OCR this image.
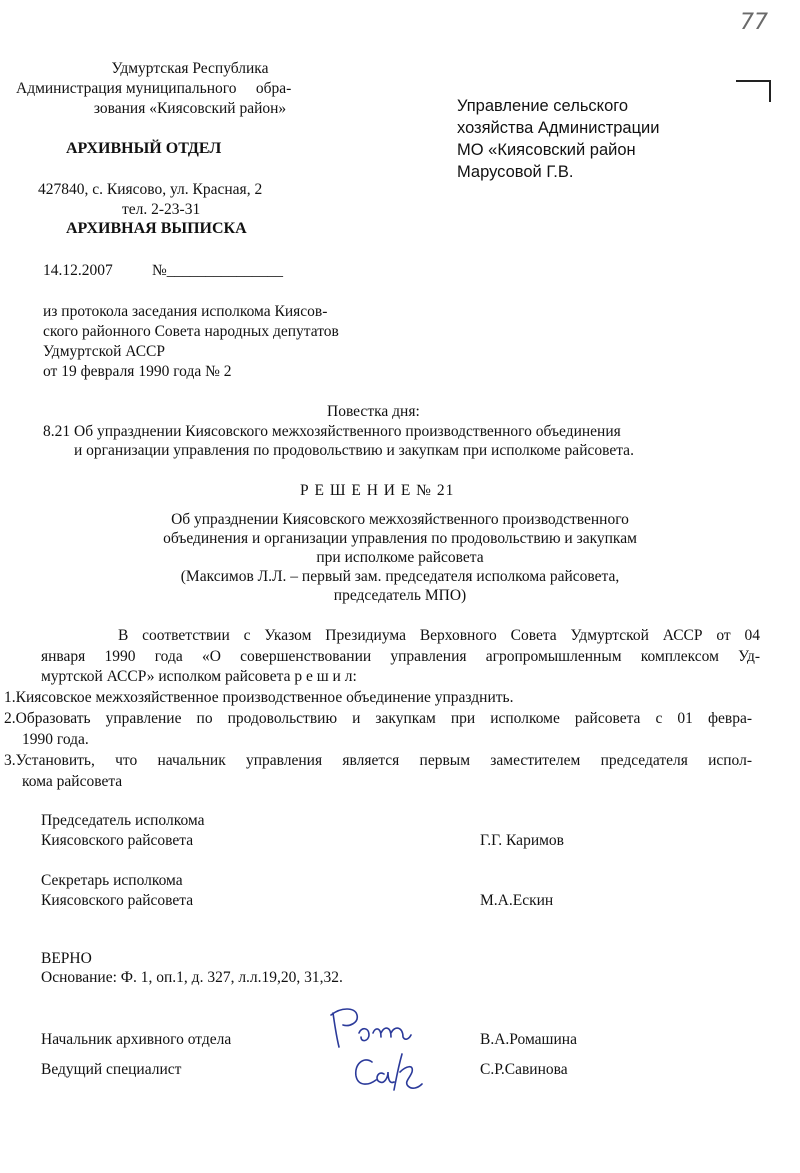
77
Удмуртская Республика
Администрация муниципального     обра-
зования «Киясовский район»
АРХИВНЫЙ ОТДЕЛ
427840, с. Киясово, ул. Красная, 2
тел. 2-23-31
АРХИВНАЯ ВЫПИСКА
14.12.2007	№_______________
Управление сельского
хозяйства Администрации
МО «Киясовский район
Марусовой Г.В.
из протокола заседания исполкома Киясов-
ского районного Совета народных депутатов
Удмуртской АССР
от 19 февраля 1990 года № 2
Повестка дня:
8.21 Об упразднении Киясовского межхозяйственного производственного объединения
и организации управления по продовольствию и закупкам при исполкоме райсовета.
Р Е Ш Е Н И Е № 21
Об упразднении Киясовского межхозяйственного производственного
объединения и организации управления по продовольствию и закупкам
при исполкоме райсовета
(Максимов Л.Л. – первый зам. председателя исполкома райсовета,
председатель МПО)
В соответствии с Указом Президиума Верховного Совета Удмуртской АССР от 04
января 1990 года «О совершенствовании управления агропромышленным комплексом Уд-
муртской АССР» исполком райсовета р е ш и л:
1.Киясовское межхозяйственное производственное объединение упразднить.
2.Образовать управление по продовольствию и закупкам при исполкоме райсовета с 01 февра-
1990 года.
3.Установить, что начальник управления является первым заместителем председателя испол-
кома райсовета
Председатель исполкома
Киясовского райсовета	Г.Г. Каримов
Секретарь исполкома
Киясовского райсовета	М.А.Ескин
ВЕРНО
Основание: Ф. 1, оп.1, д. 327, л.л.19,20, 31,32.
Начальник архивного отдела	В.А.Ромашина
Ведущий специалист	С.Р.Савинова
